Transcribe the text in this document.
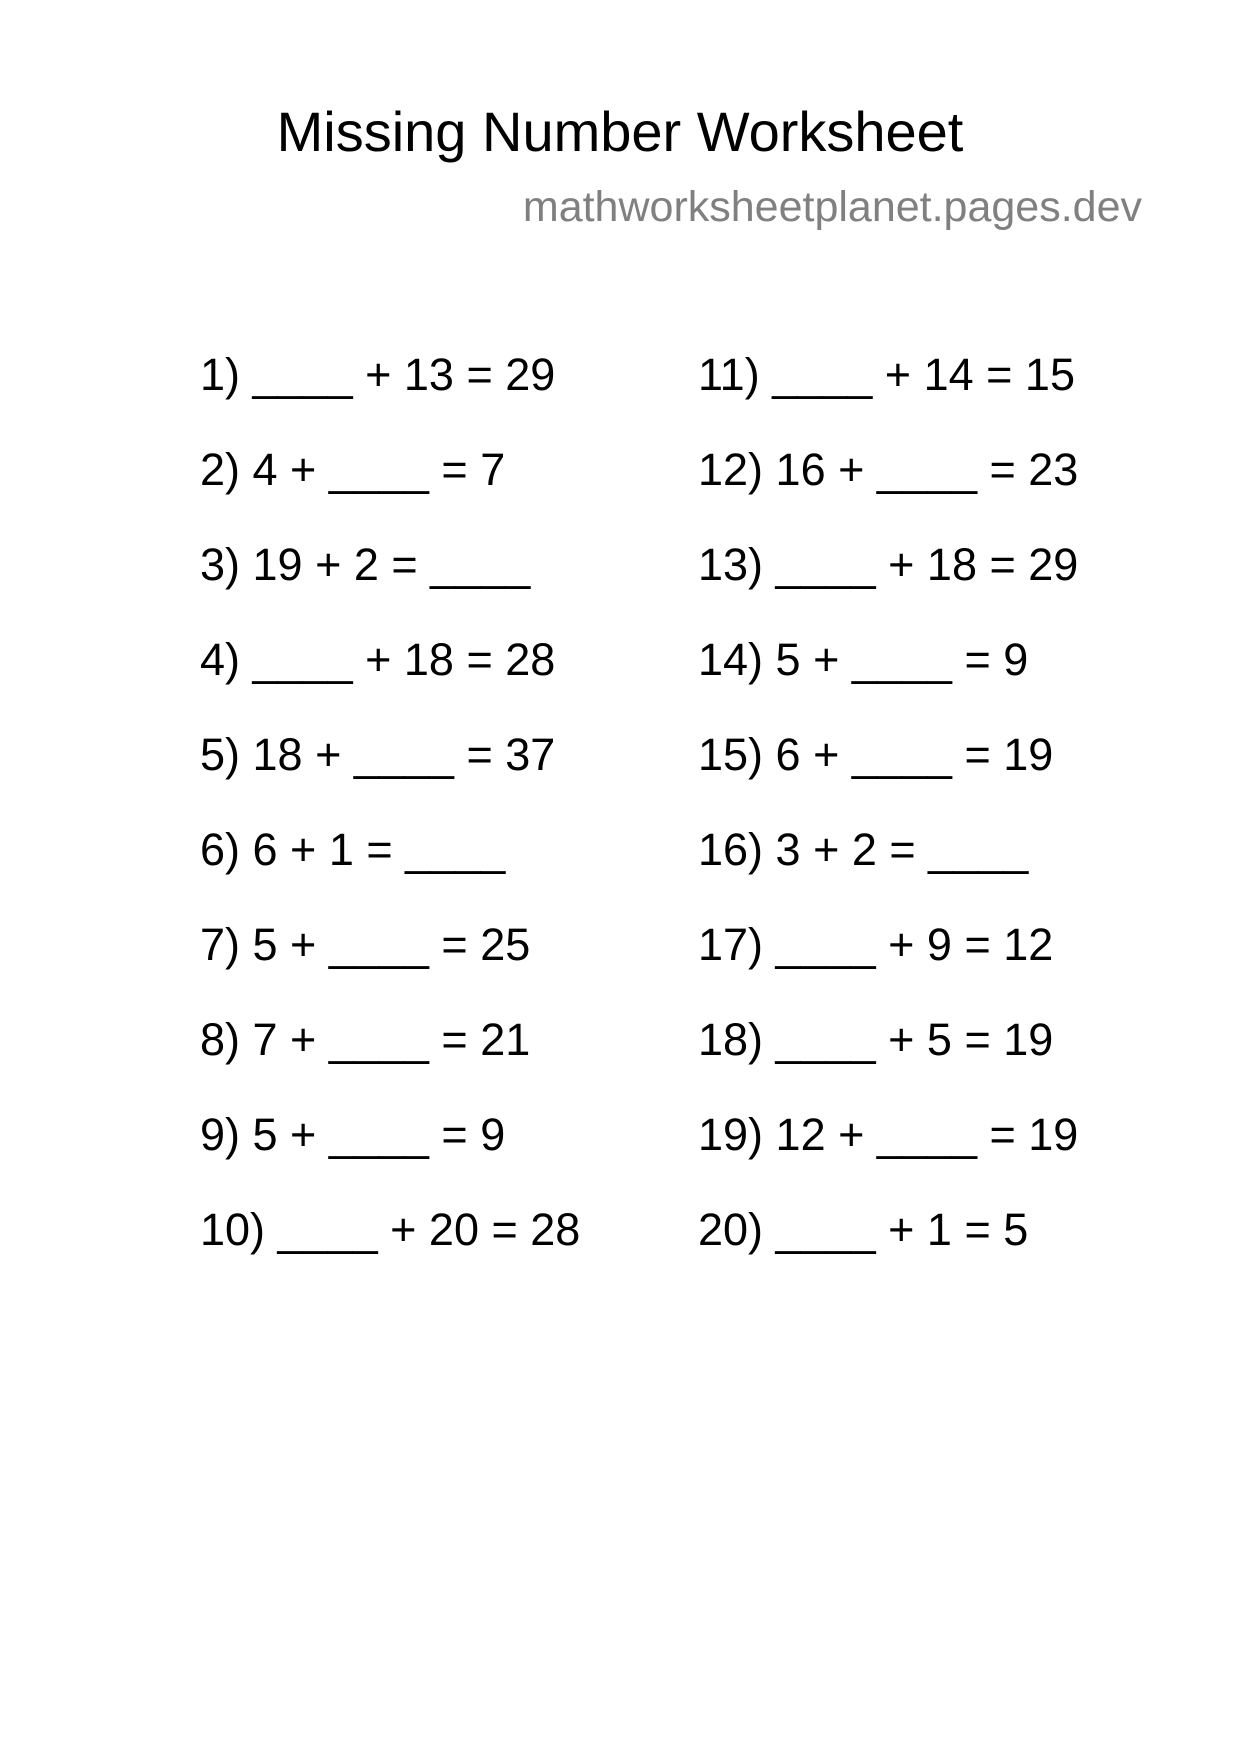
Missing Number Worksheet
mathworksheetplanet.pages.dev
1) ____ + 13 = 29
2) 4 + ____ = 7
3) 19 + 2 = ____
4) ____ + 18 = 28
5) 18 + ____ = 37
6) 6 + 1 = ____
7) 5 + ____ = 25
8) 7 + ____ = 21
9) 5 + ____ = 9
10) ____ + 20 = 28
11) ____ + 14 = 15
12) 16 + ____ = 23
13) ____ + 18 = 29
14) 5 + ____ = 9
15) 6 + ____ = 19
16) 3 + 2 = ____
17) ____ + 9 = 12
18) ____ + 5 = 19
19) 12 + ____ = 19
20) ____ + 1 = 5
